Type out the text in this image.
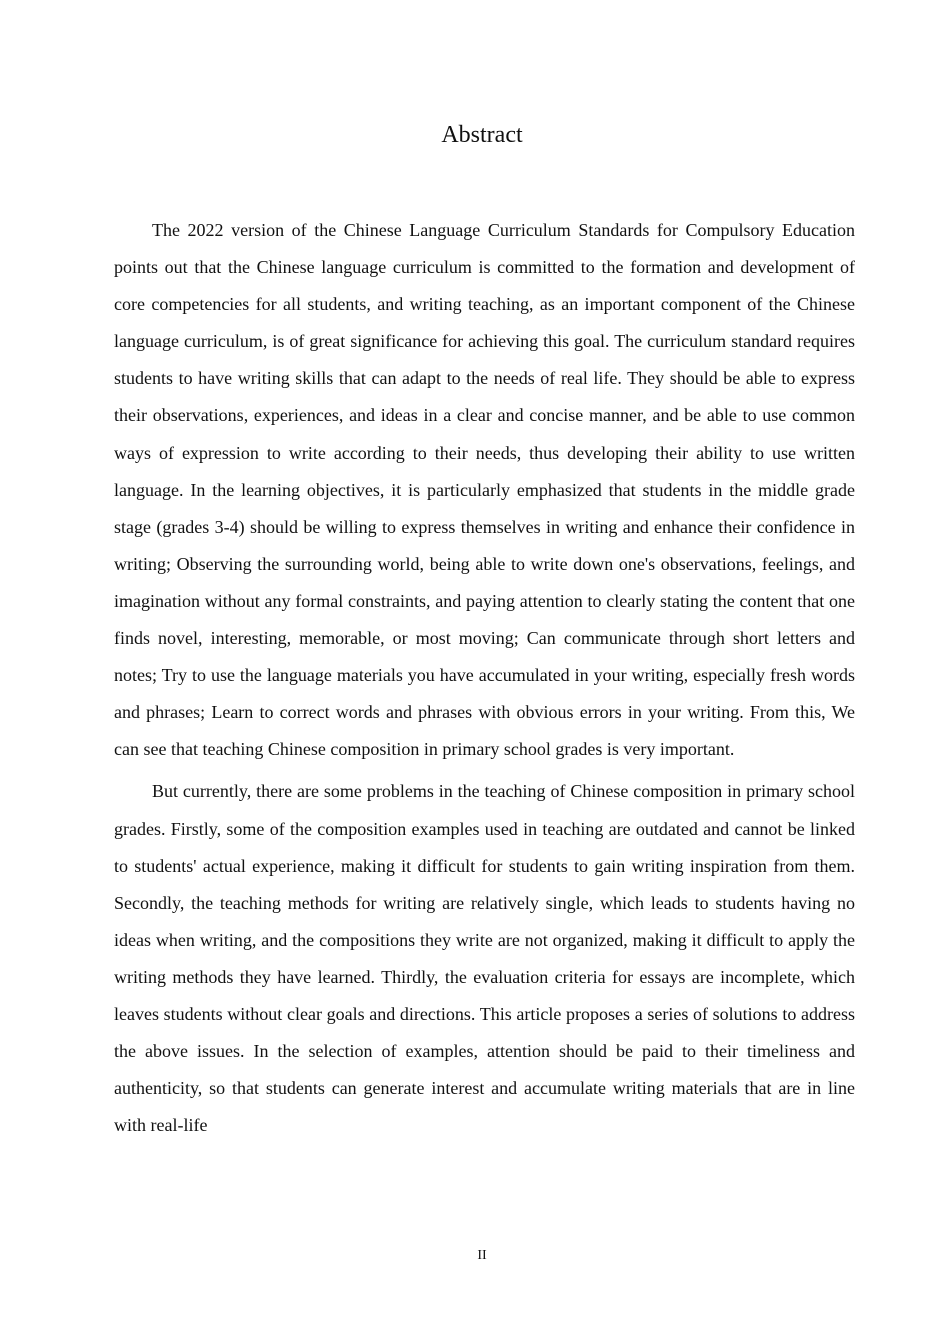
Abstract

The 2022 version of the Chinese Language Curriculum Standards for Compulsory Education points out that the Chinese language curriculum is committed to the formation and development of core competencies for all students, and writing teaching, as an important component of the Chinese language curriculum, is of great significance for achieving this goal. The curriculum standard requires students to have writing skills that can adapt to the needs of real life. They should be able to express their observations, experiences, and ideas in a clear and concise manner, and be able to use common ways of expression to write according to their needs, thus developing their ability to use written language. In the learning objectives, it is particularly emphasized that students in the middle grade stage (grades 3-4) should be willing to express themselves in writing and enhance their confidence in writing; Observing the surrounding world, being able to write down one's observations, feelings, and imagination without any formal constraints, and paying attention to clearly stating the content that one finds novel, interesting, memorable, or most moving; Can communicate through short letters and notes; Try to use the language materials you have accumulated in your writing, especially fresh words and phrases; Learn to correct words and phrases with obvious errors in your writing. From this, We can see that teaching Chinese composition in primary school grades is very important.

But currently, there are some problems in the teaching of Chinese composition in primary school grades. Firstly, some of the composition examples used in teaching are outdated and cannot be linked to students' actual experience, making it difficult for students to gain writing inspiration from them. Secondly, the teaching methods for writing are relatively single, which leads to students having no ideas when writing, and the compositions they write are not organized, making it difficult to apply the writing methods they have learned. Thirdly, the evaluation criteria for essays are incomplete, which leaves students without clear goals and directions. This article proposes a series of solutions to address the above issues. In the selection of examples, attention should be paid to their timeliness and authenticity, so that students can generate interest and accumulate writing materials that are in line with real-life

II
